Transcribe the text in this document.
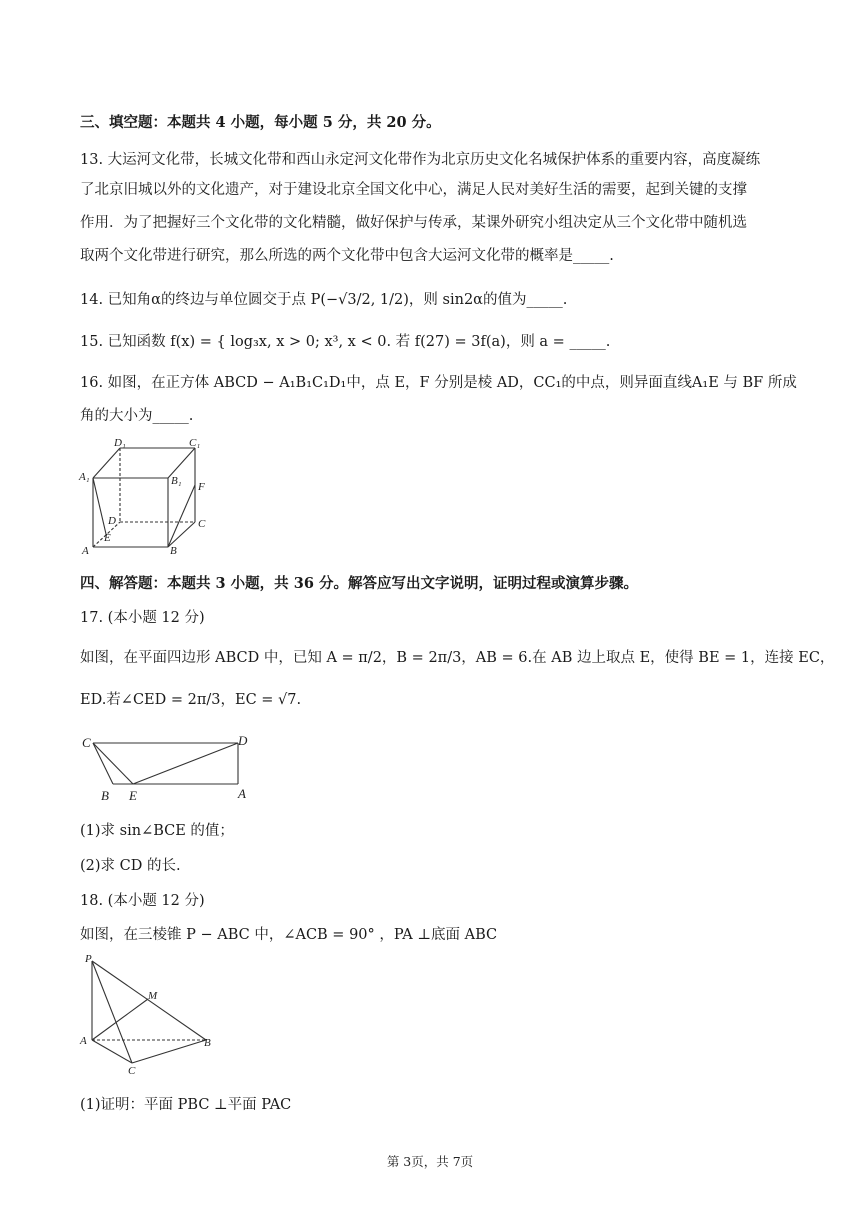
三、填空题：本题共 4 小题，每小题 5 分，共 20 分。
13. 大运河文化带，长城文化带和西山永定河文化带作为北京历史文化名城保护体系的重要内容，高度凝练
了北京旧城以外的文化遗产，对于建设北京全国文化中心，满足人民对美好生活的需要，起到关键的支撑
作用．为了把握好三个文化带的文化精髓，做好保护与传承，某课外研究小组决定从三个文化带中随机选
取两个文化带进行研究，那么所选的两个文化带中包含大运河文化带的概率是_____.
14. 已知角α的终边与单位圆交于点 P(−√3/2, 1/2)，则 sin2α的值为_____.
15. 已知函数 f(x) = { log₃x, x > 0; x³, x < 0. 若 f(27) = 3f(a)，则 a = _____.
16. 如图，在正方体 ABCD − A₁B₁C₁D₁中，点 E，F 分别是棱 AD，CC₁的中点，则异面直线A₁E 与 BF 所成
角的大小为_____.
D₁	C₁
A₁	B₁ F
D	C
E
A	B
四、解答题：本题共 3 小题，共 36 分。解答应写出文字说明，证明过程或演算步骤。
17. (本小题 12 分)
如图，在平面四边形 ABCD 中，已知 A = π/2，B = 2π/3，AB = 6.在 AB 边上取点 E，使得 BE = 1，连接 EC，
ED.若∠CED = 2π/3，EC = √7.
C	D
B E	A
(1)求 sin∠BCE 的值；
(2)求 CD 的长.
18. (本小题 12 分)
如图，在三棱锥 P − ABC 中，∠ACB = 90° ，PA ⊥底面 ABC
P
M
A	B
C
(1)证明：平面 PBC ⊥平面 PAC
第 3页，共 7页
